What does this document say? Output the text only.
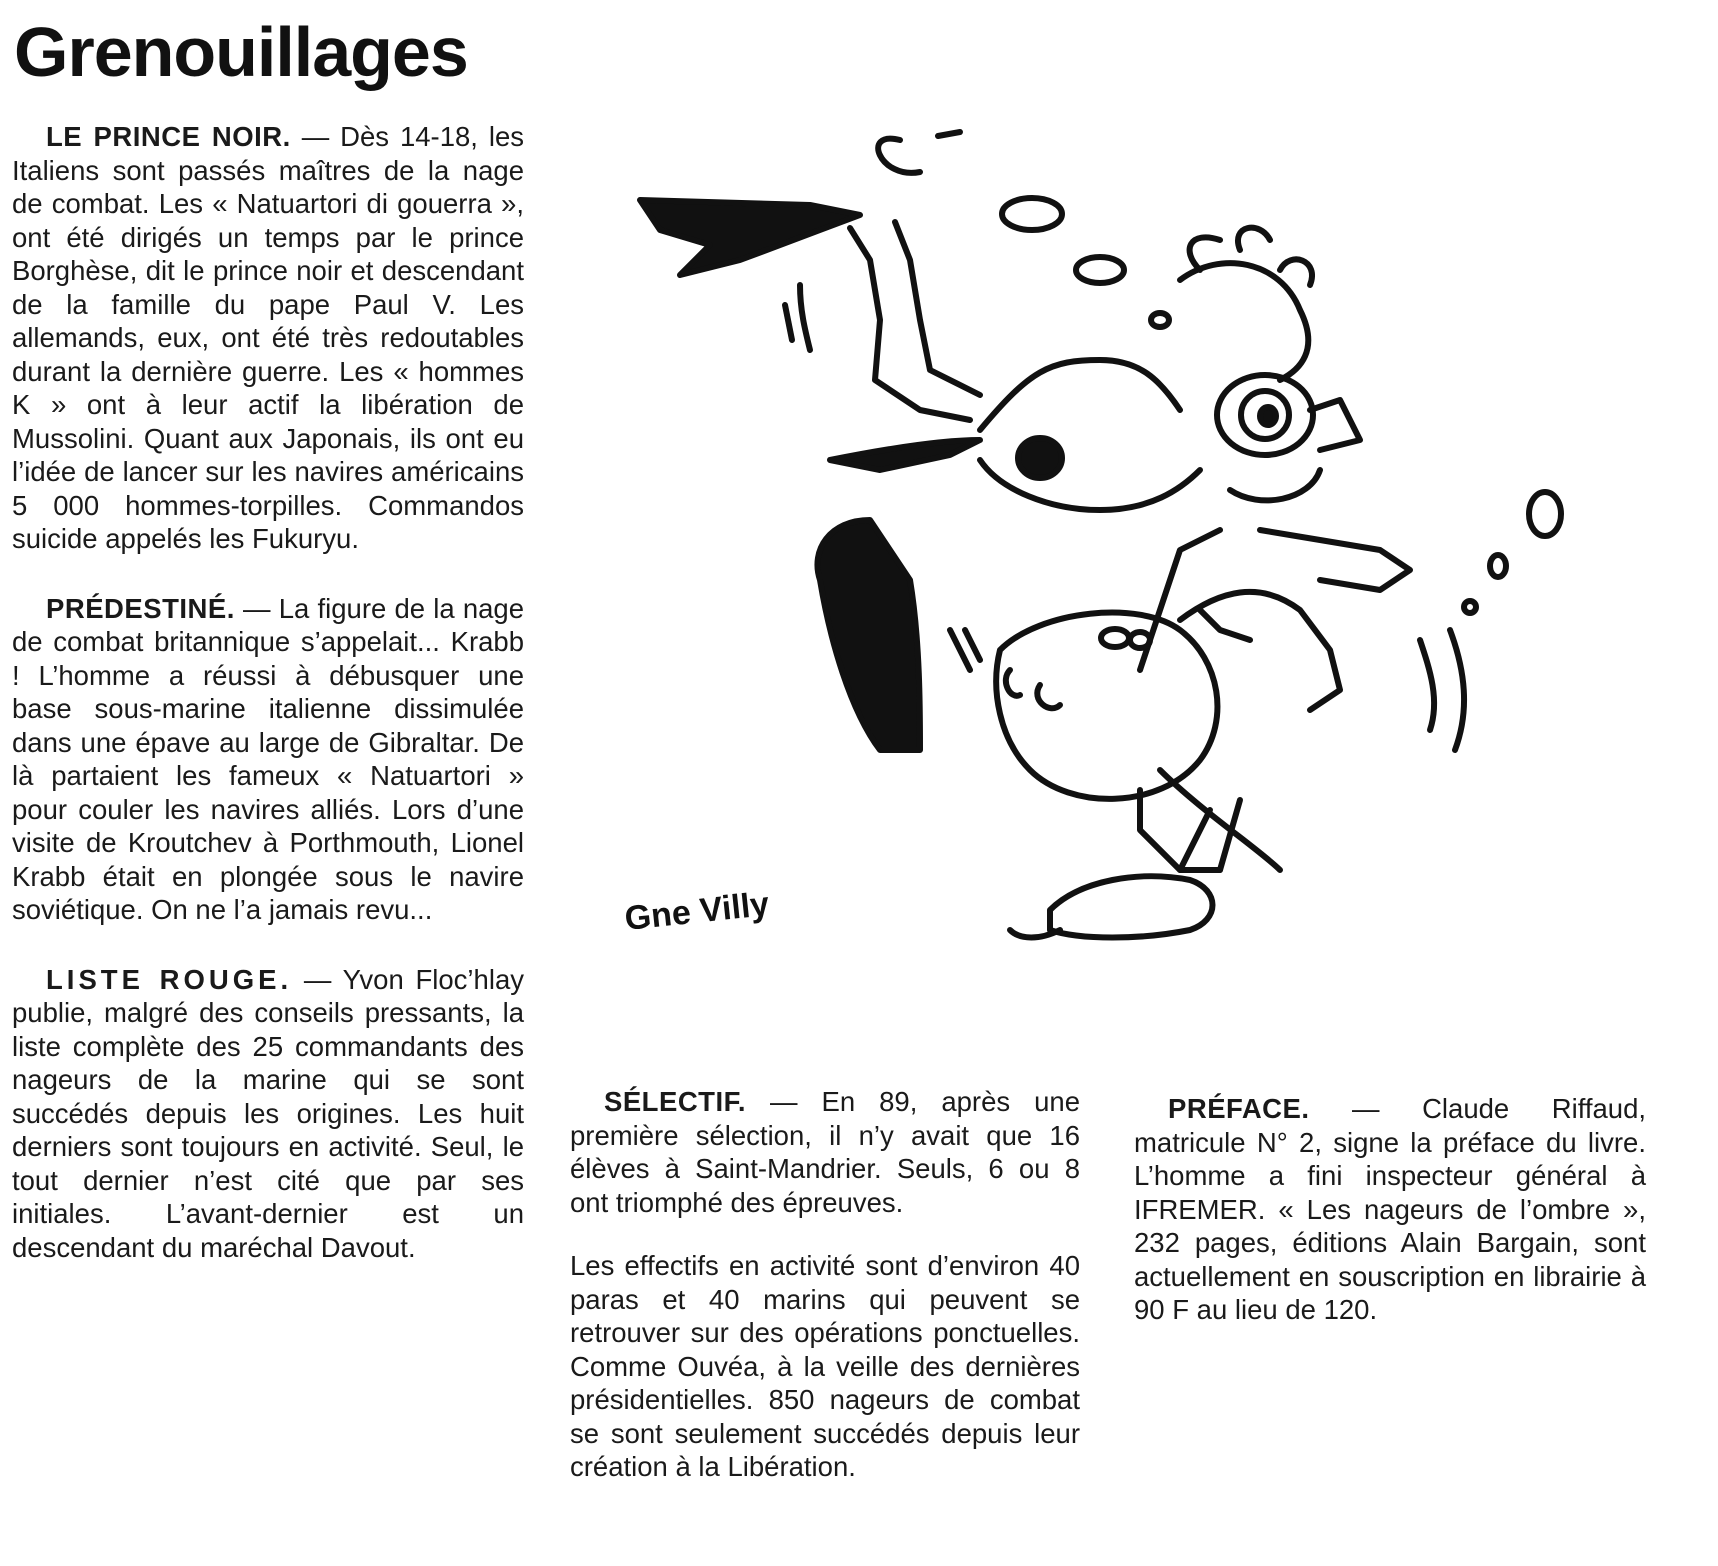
Grenouillages

LE PRINCE NOIR. — Dès 14-18, les Italiens sont passés maîtres de la nage de combat. Les « Natuartori di gouerra », ont été dirigés un temps par le prince Borghèse, dit le prince noir et descendant de la famille du pape Paul V. Les allemands, eux, ont été très redoutables durant la dernière guerre. Les « hommes K » ont à leur actif la libération de Mussolini. Quant aux Japonais, ils ont eu l’idée de lancer sur les navires américains 5 000 hommes-torpilles. Commandos suicide appelés les Fukuryu.

PRÉDESTINÉ. — La figure de la nage de combat britannique s’appelait... Krabb ! L’homme a réussi à débusquer une base sous-marine italienne dissimulée dans une épave au large de Gibraltar. De là partaient les fameux « Natuartori » pour couler les navires alliés. Lors d’une visite de Kroutchev à Porthmouth, Lionel Krabb était en plongée sous le navire soviétique. On ne l’a jamais revu...

LISTE ROUGE. — Yvon Floc’hlay publie, malgré des conseils pressants, la liste complète des 25 commandants des nageurs de la marine qui se sont succédés depuis les origines. Les huit derniers sont toujours en activité. Seul, le tout dernier n’est cité que par ses initiales. L’avant-dernier est un descendant du maréchal Davout.

SÉLECTIF. — En 89, après une première sélection, il n’y avait que 16 élèves à Saint-Mandrier. Seuls, 6 ou 8 ont triomphé des épreuves.

Les effectifs en activité sont d’environ 40 paras et 40 marins qui peuvent se retrouver sur des opérations ponctuelles. Comme Ouvéa, à la veille des dernières présidentielles. 850 nageurs de combat se sont seulement succédés depuis leur création à la Libération.

PRÉFACE. — Claude Riffaud, matricule N° 2, signe la préface du livre. L’homme a fini inspecteur général à IFREMER. « Les nageurs de l’ombre », 232 pages, éditions Alain Bargain, sont actuellement en souscription en librairie à 90 F au lieu de 120.

Gne Villy
